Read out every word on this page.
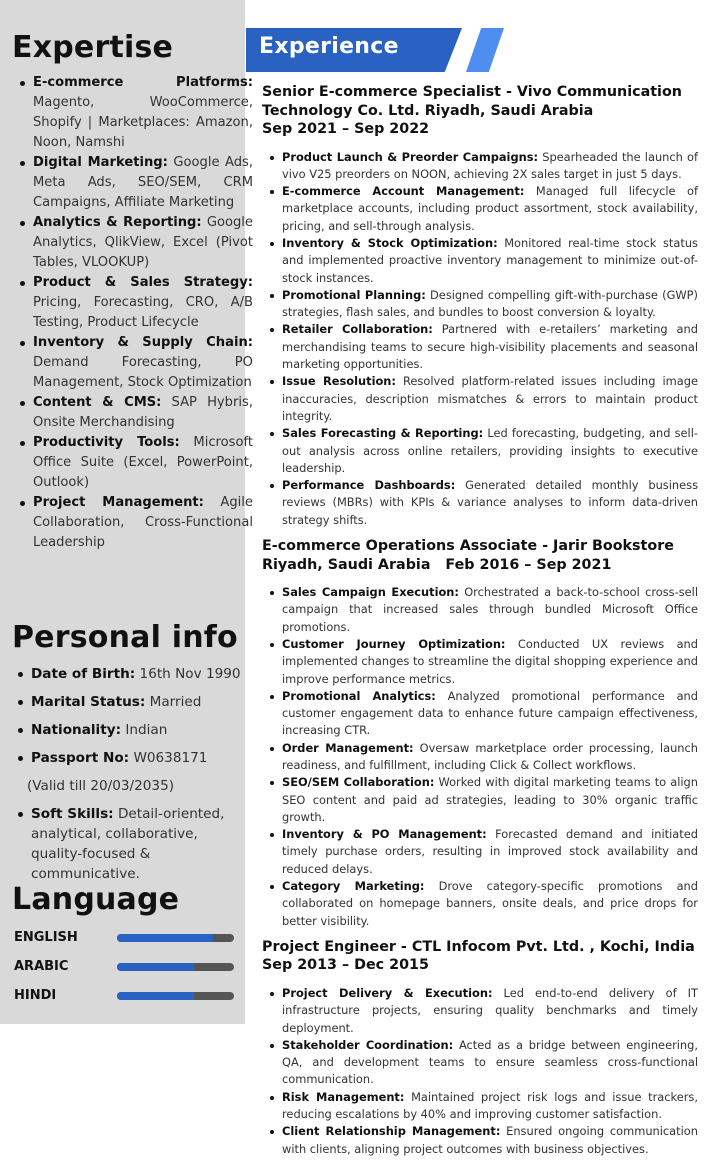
Expertise
E-commerce Platforms: Magento, WooCommerce, Shopify | Marketplaces: Amazon, Noon, Namshi
Digital Marketing: Google Ads, Meta Ads, SEO/SEM, CRM Campaigns, Affiliate Marketing
Analytics & Reporting: Google Analytics, QlikView, Excel (Pivot Tables, VLOOKUP)
Product & Sales Strategy: Pricing, Forecasting, CRO, A/B Testing, Product Lifecycle
Inventory & Supply Chain: Demand Forecasting, PO Management, Stock Optimization
Content & CMS: SAP Hybris, Onsite Merchandising
Productivity Tools: Microsoft Office Suite (Excel, PowerPoint, Outlook)
Project Management: Agile Collaboration, Cross-Functional Leadership
Personal info
Date of Birth: 16th Nov 1990
Marital Status: Married
Nationality: Indian
Passport No: W0638171
(Valid till 20/03/2035)
Soft Skills: Detail-oriented, analytical, collaborative, quality-focused & communicative.
Language
ENGLISH
ARABIC
HINDI
Experience

Senior E-commerce Specialist - Vivo Communication
Technology Co. Ltd. Riyadh, Saudi Arabia
Sep 2021 – Sep 2022

Product Launch & Preorder Campaigns: Spearheaded the launch of vivo V25 preorders on NOON, achieving 2X sales target in just 5 days.
E-commerce Account Management: Managed full lifecycle of marketplace accounts, including product assortment, stock availability, pricing, and sell-through analysis.
Inventory & Stock Optimization: Monitored real-time stock status and implemented proactive inventory management to minimize out-of-stock instances.
Promotional Planning: Designed compelling gift-with-purchase (GWP) strategies, flash sales, and bundles to boost conversion & loyalty.
Retailer Collaboration: Partnered with e-retailers’ marketing and merchandising teams to secure high-visibility placements and seasonal marketing opportunities.
Issue Resolution: Resolved platform-related issues including image inaccuracies, description mismatches & errors to maintain product integrity.
Sales Forecasting & Reporting: Led forecasting, budgeting, and sell-out analysis across online retailers, providing insights to executive leadership.
Performance Dashboards: Generated detailed monthly business reviews (MBRs) with KPIs & variance analyses to inform data-driven strategy shifts.

E-commerce Operations Associate - Jarir Bookstore
Riyadh, Saudi Arabia   Feb 2016 – Sep 2021

Sales Campaign Execution: Orchestrated a back-to-school cross-sell campaign that increased sales through bundled Microsoft Office promotions.
Customer Journey Optimization: Conducted UX reviews and implemented changes to streamline the digital shopping experience and improve performance metrics.
Promotional Analytics: Analyzed promotional performance and customer engagement data to enhance future campaign effectiveness, increasing CTR.
Order Management: Oversaw marketplace order processing, launch readiness, and fulfillment, including Click & Collect workflows.
SEO/SEM Collaboration: Worked with digital marketing teams to align SEO content and paid ad strategies, leading to 30% organic traffic growth.
Inventory & PO Management: Forecasted demand and initiated timely purchase orders, resulting in improved stock availability and reduced delays.
Category Marketing: Drove category-specific promotions and collaborated on homepage banners, onsite deals, and price drops for better visibility.

Project Engineer - CTL Infocom Pvt. Ltd. , Kochi, India
Sep 2013 – Dec 2015

Project Delivery & Execution: Led end-to-end delivery of IT infrastructure projects, ensuring quality benchmarks and timely deployment.
Stakeholder Coordination: Acted as a bridge between engineering, QA, and development teams to ensure seamless cross-functional communication.
Risk Management: Maintained project risk logs and issue trackers, reducing escalations by 40% and improving customer satisfaction.
Client Relationship Management: Ensured ongoing communication with clients, aligning project outcomes with business objectives.
